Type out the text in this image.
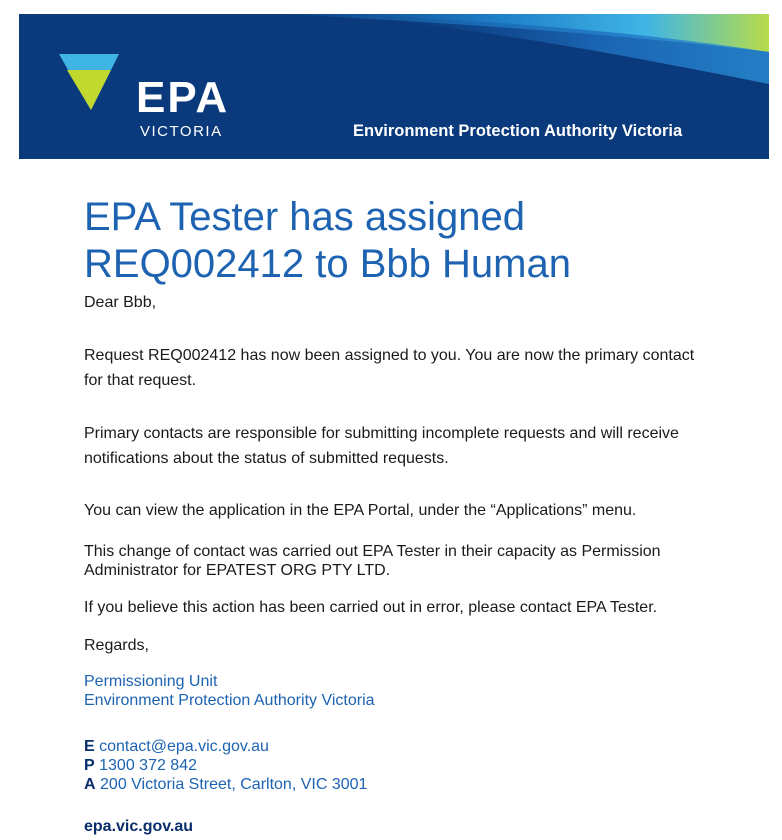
EPA
VICTORIA	Environment Protection Authority Victoria
EPA Tester has assigned REQ002412 to Bbb Human

Dear Bbb,

Request REQ002412 has now been assigned to you. You are now the primary contact for that request.

Primary contacts are responsible for submitting incomplete requests and will receive notifications about the status of submitted requests.

You can view the application in the EPA Portal, under the “Applications” menu.

This change of contact was carried out EPA Tester in their capacity as Permission Administrator for EPATEST ORG PTY LTD.

If you believe this action has been carried out in error, please contact EPA Tester.

Regards,

Permissioning Unit
Environment Protection Authority Victoria
E contact@epa.vic.gov.au
P 1300 372 842
A 200 Victoria Street, Carlton, VIC 3001

epa.vic.gov.au
